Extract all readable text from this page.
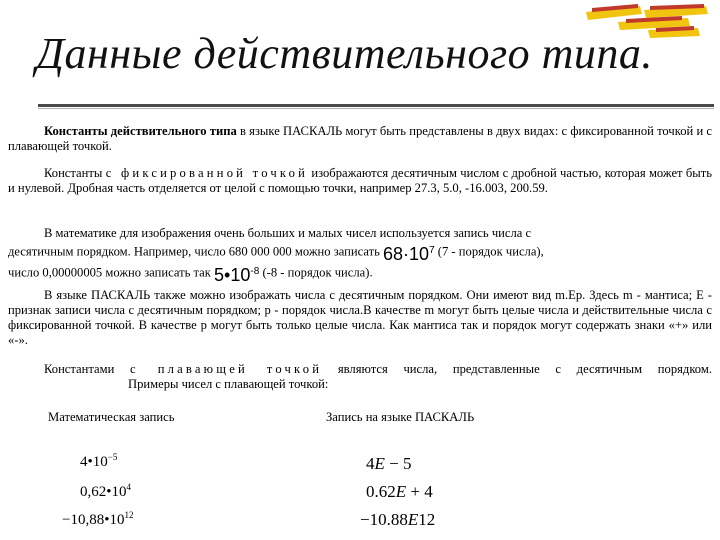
Данные действительного типа.
Константы действительного типа в языке ПАСКАЛЬ могут быть представлены в двух видах: с фиксированной точкой и с плавающей точкой.
Константы с фиксированной точкой изображаются десятичным числом с дробной частью, которая может быть и нулевой. Дробная часть отделяется от целой с помощью точки, например 27.3, 5.0, -16.003, 200.59.
В математике для изображения очень больших и малых чисел используется запись числа с
десятичным порядком. Например, число 680 000 000 можно записать $68\cdot 10^7$ (7 - порядок числа),
число 0,00000005 можно записать так $5•10^{-8}$ (-8 - порядок числа).
В языке ПАСКАЛЬ также можно изображать числа с десятичным порядком. Они имеют вид m.Ep. Здесь m - мантиса; E - признак записи числа с десятичным порядком; p - порядок числа.В качестве m могут быть целые числа и действительные числа с фиксированной точкой. В качестве p могут быть только целые числа. Как мантиса так и порядок могут содержать знаки «+» или «-».
Константами с плавающей точкой являются числа, представленные с десятичным порядком.Примеры чисел с плавающей точкой:
Математическая запись	Запись на языке ПАСКАЛЬ
$4•10^{-5}$
$0,62•10^4$
$-10,88•10^{12}$
4E − 5
0.62E + 4
−10.88E12
